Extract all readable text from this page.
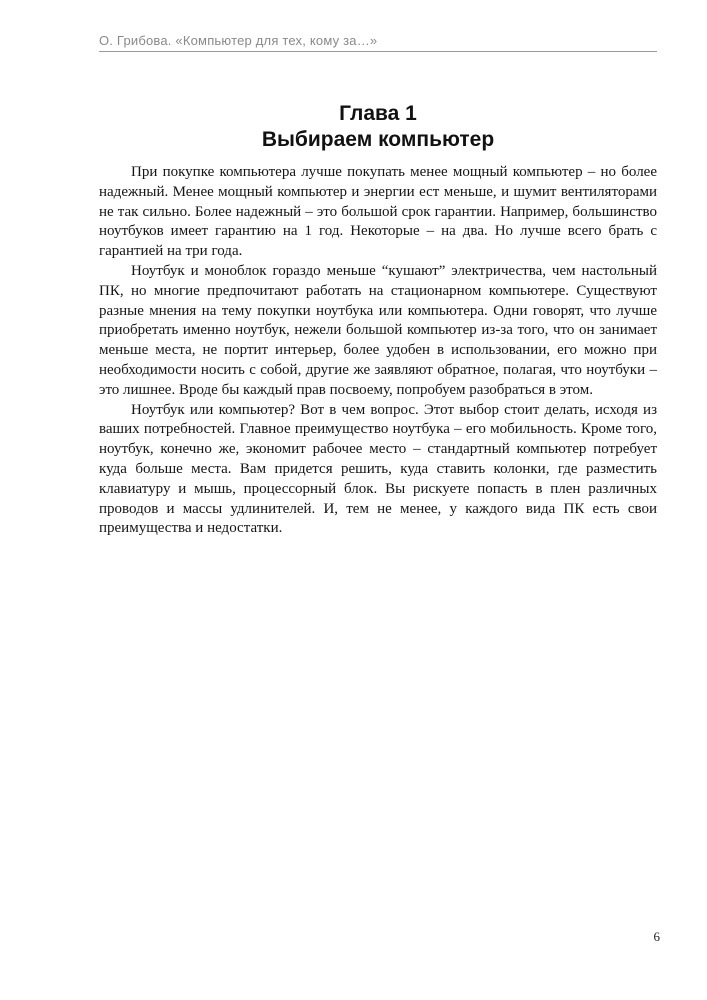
О. Грибова. «Компьютер для тех, кому за…»
Глава 1
Выбираем компьютер

При покупке компьютера лучше покупать менее мощный компьютер – но более надежный. Менее мощный компьютер и энергии ест меньше, и шумит вентиляторами не так сильно. Более надежный – это большой срок гарантии. Например, большинство ноутбуков имеет гарантию на 1 год. Некоторые – на два. Но лучше всего брать с гарантией на три года.

Ноутбук и моноблок гораздо меньше “кушают” электричества, чем настольный ПК, но многие предпочитают работать на стационарном компьютере. Существуют разные мнения на тему покупки ноутбука или компьютера. Одни говорят, что лучше приобретать именно ноутбук, нежели большой компьютер из-за того, что он занимает меньше места, не портит интерьер, более удобен в использовании, его можно при необходимости носить с собой, другие же заявляют обратное, полагая, что ноутбуки – это лишнее. Вроде бы каждый прав посвоему, попробуем разобраться в этом.

Ноутбук или компьютер? Вот в чем вопрос. Этот выбор стоит делать, исходя из ваших потребностей. Главное преимущество ноутбука – его мобильность. Кроме того, ноутбук, конечно же, экономит рабочее место – стандартный компьютер потребует куда больше места. Вам придется решить, куда ставить колонки, где разместить клавиатуру и мышь, процессорный блок. Вы рискуете попасть в плен различных проводов и массы удлинителей. И, тем не менее, у каждого вида ПК есть свои преимущества и недостатки.

6
